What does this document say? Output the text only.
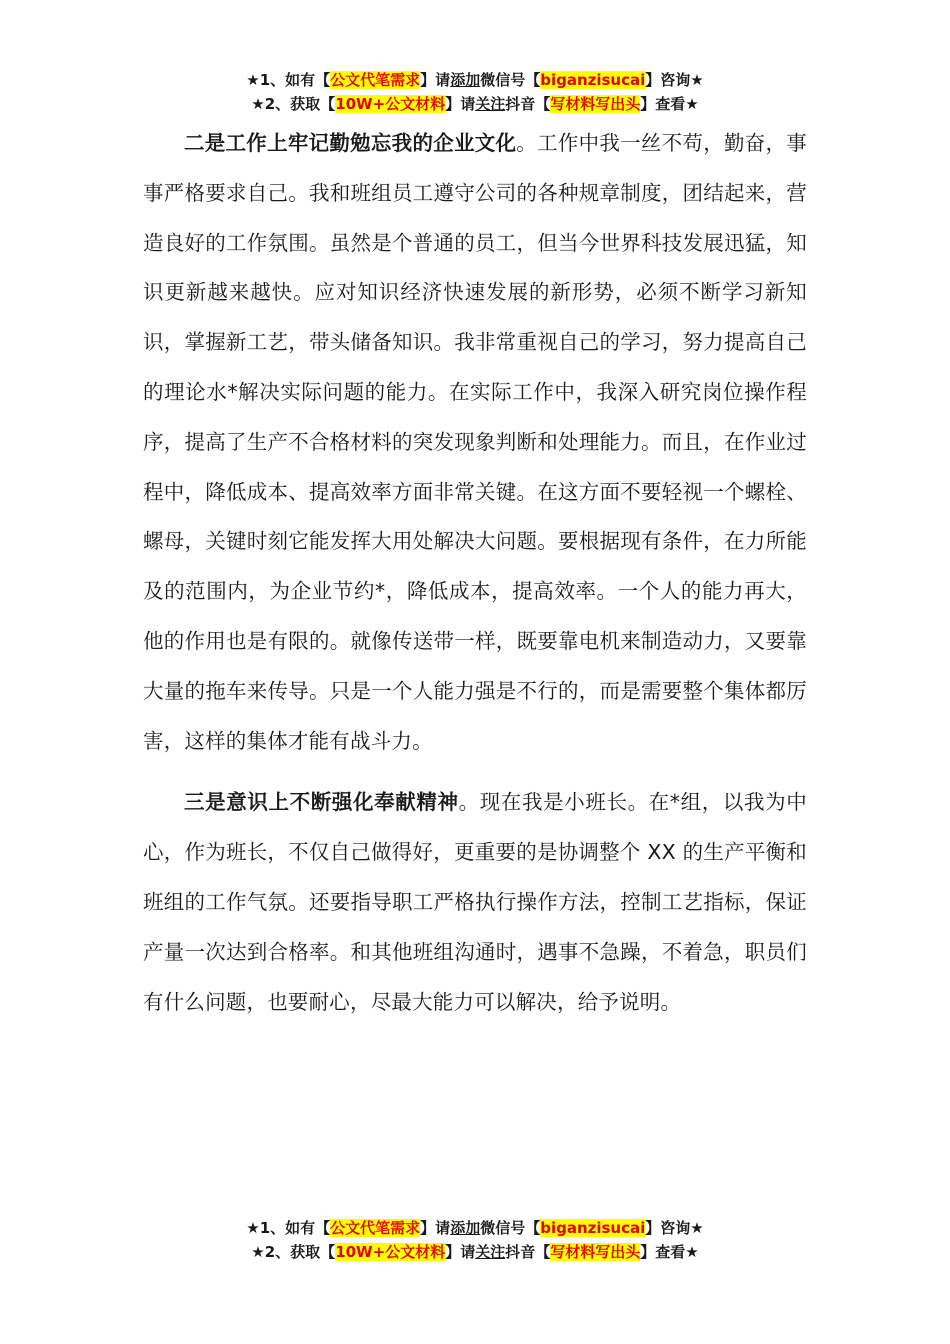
★1、如有【公文代笔需求】请添加微信号【biganzisucai】咨询★
★2、获取【10W+公文材料】请关注抖音【写材料写出头】查看★

二是工作上牢记勤勉忘我的企业文化。工作中我一丝不苟，勤奋，事事严格要求自己。我和班组员工遵守公司的各种规章制度，团结起来，营造良好的工作氛围。虽然是个普通的员工，但当今世界科技发展迅猛，知识更新越来越快。应对知识经济快速发展的新形势，必须不断学习新知识，掌握新工艺，带头储备知识。我非常重视自己的学习，努力提高自己的理论水*解决实际问题的能力。在实际工作中，我深入研究岗位操作程序，提高了生产不合格材料的突发现象判断和处理能力。而且，在作业过程中，降低成本、提高效率方面非常关键。在这方面不要轻视一个螺栓、螺母，关键时刻它能发挥大用处解决大问题。要根据现有条件，在力所能及的范围内，为企业节约*，降低成本，提高效率。一个人的能力再大，他的作用也是有限的。就像传送带一样，既要靠电机来制造动力，又要靠大量的拖车来传导。只是一个人能力强是不行的，而是需要整个集体都厉害，这样的集体才能有战斗力。

三是意识上不断强化奉献精神。现在我是小班长。在*组，以我为中心，作为班长，不仅自己做得好，更重要的是协调整个 XX 的生产平衡和班组的工作气氛。还要指导职工严格执行操作方法，控制工艺指标，保证产量一次达到合格率。和其他班组沟通时，遇事不急躁，不着急，职员们有什么问题，也要耐心，尽最大能力可以解决，给予说明。

★1、如有【公文代笔需求】请添加微信号【biganzisucai】咨询★
★2、获取【10W+公文材料】请关注抖音【写材料写出头】查看★
